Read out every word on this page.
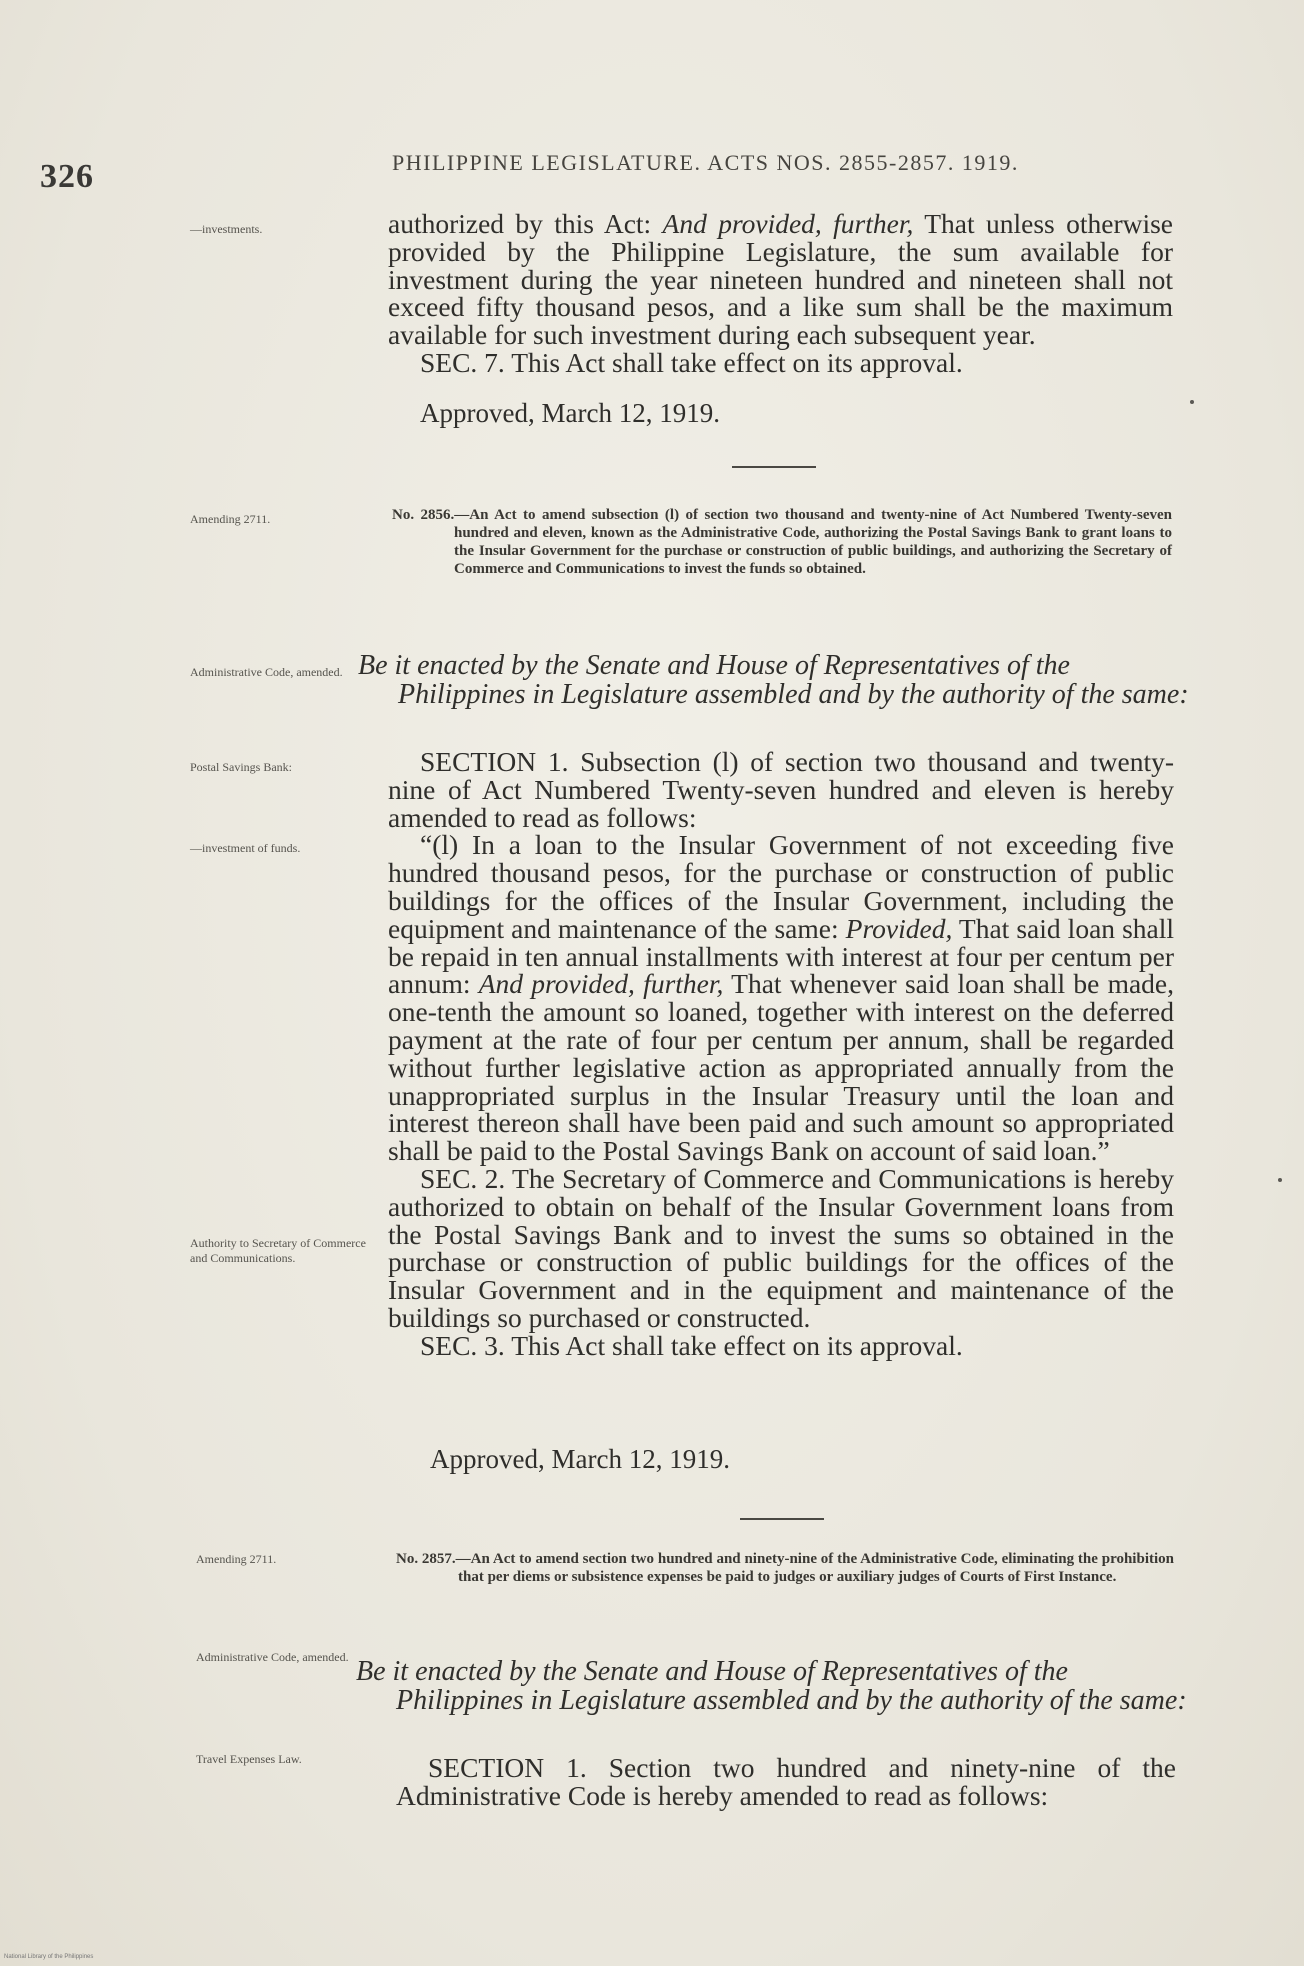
326	PHILIPPINE LEGISLATURE. ACTS NOS. 2855-2857. 1919.
—investments.	authorized by this Act: And provided, further, That unless otherwise provided by the Philippine Legislature, the sum available for investment during the year nineteen hundred and nineteen shall not exceed fifty thousand pesos, and a like sum shall be the maximum available for such investment during each subsequent year.

SEC. 7. This Act shall take effect on its approval.

Approved, March 12, 1919.
Amending 2711.	No. 2856.—An Act to amend subsection (l) of section two thousand and twenty-nine of Act Numbered Twenty-seven hundred and eleven, known as the Administrative Code, authorizing the Postal Savings Bank to grant loans to the Insular Government for the purchase or construction of public buildings, and authorizing the Secretary of Commerce and Communications to invest the funds so obtained.
Administrative Code, amended. Be it enacted by the Senate and House of Representatives of the Philippines in Legislature assembled and by the authority of the same:
Postal Savings Bank:
—investment of funds.
Authority to Secretary of Commerce and Communications.

SECTION 1. Subsection (l) of section two thousand and twenty-nine of Act Numbered Twenty-seven hundred and eleven is hereby amended to read as follows:

“(l) In a loan to the Insular Government of not exceeding five hundred thousand pesos, for the purchase or construction of public buildings for the offices of the Insular Government, including the equipment and maintenance of the same: Provided, That said loan shall be repaid in ten annual installments with interest at four per centum per annum: And provided, further, That whenever said loan shall be made, one-tenth the amount so loaned, together with interest on the deferred payment at the rate of four per centum per annum, shall be regarded without further legislative action as appropriated annually from the unappropriated surplus in the Insular Treasury until the loan and interest thereon shall have been paid and such amount so appropriated shall be paid to the Postal Savings Bank on account of said loan.”

SEC. 2. The Secretary of Commerce and Communications is hereby authorized to obtain on behalf of the Insular Government loans from the Postal Savings Bank and to invest the sums so obtained in the purchase or construction of public buildings for the offices of the Insular Government and in the equipment and maintenance of the buildings so purchased or constructed.

SEC. 3. This Act shall take effect on its approval.

Approved, March 12, 1919.
Amending 2711.	No. 2857.—An Act to amend section two hundred and ninety-nine of the Administrative Code, eliminating the prohibition that per diems or subsistence expenses be paid to judges or auxiliary judges of Courts of First Instance.
Administrative Code, amended. Be it enacted by the Senate and House of Representatives of the Philippines in Legislature assembled and by the authority of the same:
Travel Expenses Law.	SECTION 1. Section two hundred and ninety-nine of the Administrative Code is hereby amended to read as follows:

National Library of the Philippines
